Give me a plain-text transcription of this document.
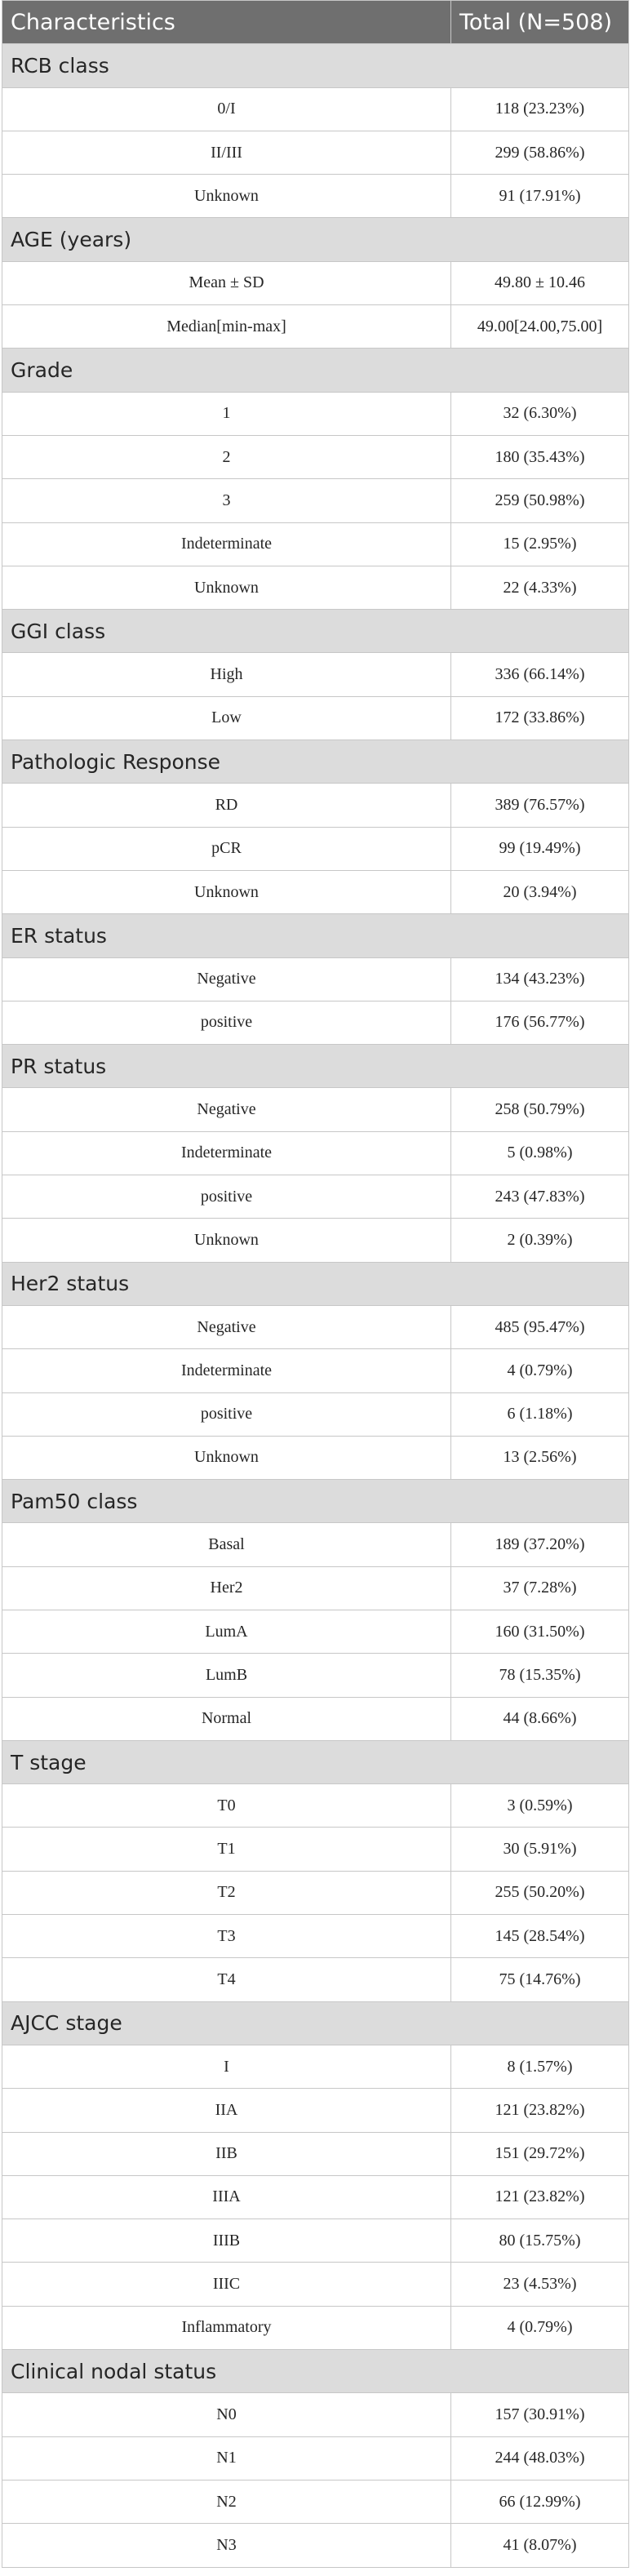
Characteristics	Total (N=508)
RCB class	
0/I	118 (23.23%)
II/III	299 (58.86%)
Unknown	91 (17.91%)
AGE (years)	
Mean ± SD	49.80 ± 10.46
Median[min-max]	49.00[24.00,75.00]
Grade	
1	32 (6.30%)
2	180 (35.43%)
3	259 (50.98%)
Indeterminate	15 (2.95%)
Unknown	22 (4.33%)
GGI class	
High	336 (66.14%)
Low	172 (33.86%)
Pathologic Response	
RD	389 (76.57%)
pCR	99 (19.49%)
Unknown	20 (3.94%)
ER status	
Negative	134 (43.23%)
positive	176 (56.77%)
PR status	
Negative	258 (50.79%)
Indeterminate	5 (0.98%)
positive	243 (47.83%)
Unknown	2 (0.39%)
Her2 status	
Negative	485 (95.47%)
Indeterminate	4 (0.79%)
positive	6 (1.18%)
Unknown	13 (2.56%)
Pam50 class	
Basal	189 (37.20%)
Her2	37 (7.28%)
LumA	160 (31.50%)
LumB	78 (15.35%)
Normal	44 (8.66%)
T stage	
T0	3 (0.59%)
T1	30 (5.91%)
T2	255 (50.20%)
T3	145 (28.54%)
T4	75 (14.76%)
AJCC stage	
I	8 (1.57%)
IIA	121 (23.82%)
IIB	151 (29.72%)
IIIA	121 (23.82%)
IIIB	80 (15.75%)
IIIC	23 (4.53%)
Inflammatory	4 (0.79%)
Clinical nodal status	
N0	157 (30.91%)
N1	244 (48.03%)
N2	66 (12.99%)
N3	41 (8.07%)
